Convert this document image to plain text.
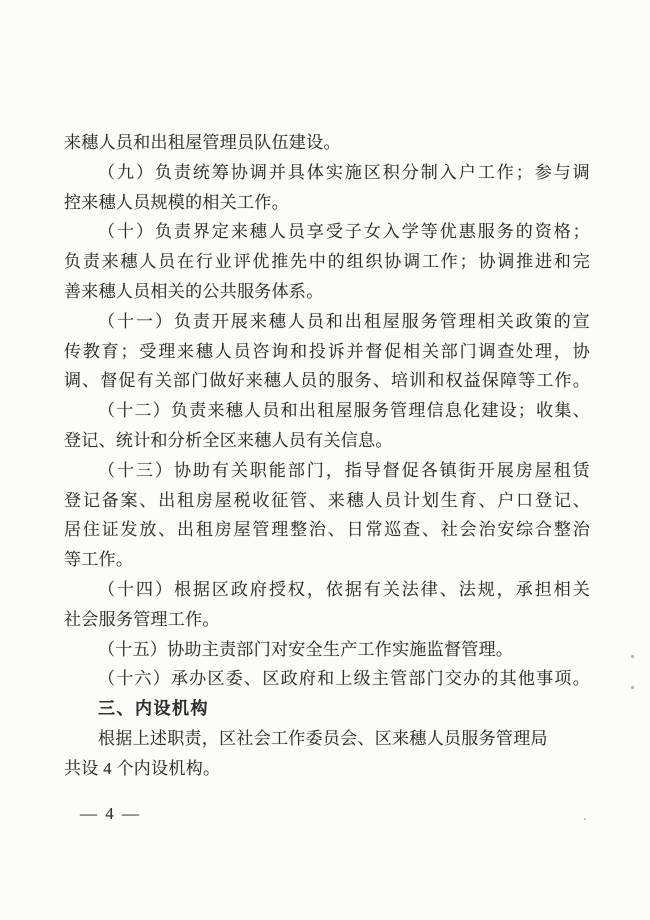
来穗人员和出租屋管理员队伍建设。
（九）负责统筹协调并具体实施区积分制入户工作；参与调
控来穗人员规模的相关工作。
（十）负责界定来穗人员享受子女入学等优惠服务的资格；
负责来穗人员在行业评优推先中的组织协调工作；协调推进和完
善来穗人员相关的公共服务体系。
（十一）负责开展来穗人员和出租屋服务管理相关政策的宣
传教育；受理来穗人员咨询和投诉并督促相关部门调查处理，协
调、督促有关部门做好来穗人员的服务、培训和权益保障等工作。
（十二）负责来穗人员和出租屋服务管理信息化建设；收集、
登记、统计和分析全区来穗人员有关信息。
（十三）协助有关职能部门，指导督促各镇街开展房屋租赁
登记备案、出租房屋税收征管、来穗人员计划生育、户口登记、
居住证发放、出租房屋管理整治、日常巡查、社会治安综合整治
等工作。
（十四）根据区政府授权，依据有关法律、法规，承担相关
社会服务管理工作。
（十五）协助主责部门对安全生产工作实施监督管理。
（十六）承办区委、区政府和上级主管部门交办的其他事项。
三、内设机构
根据上述职责，区社会工作委员会、区来穗人员服务管理局
共设 4 个内设机构。
— 4 —
